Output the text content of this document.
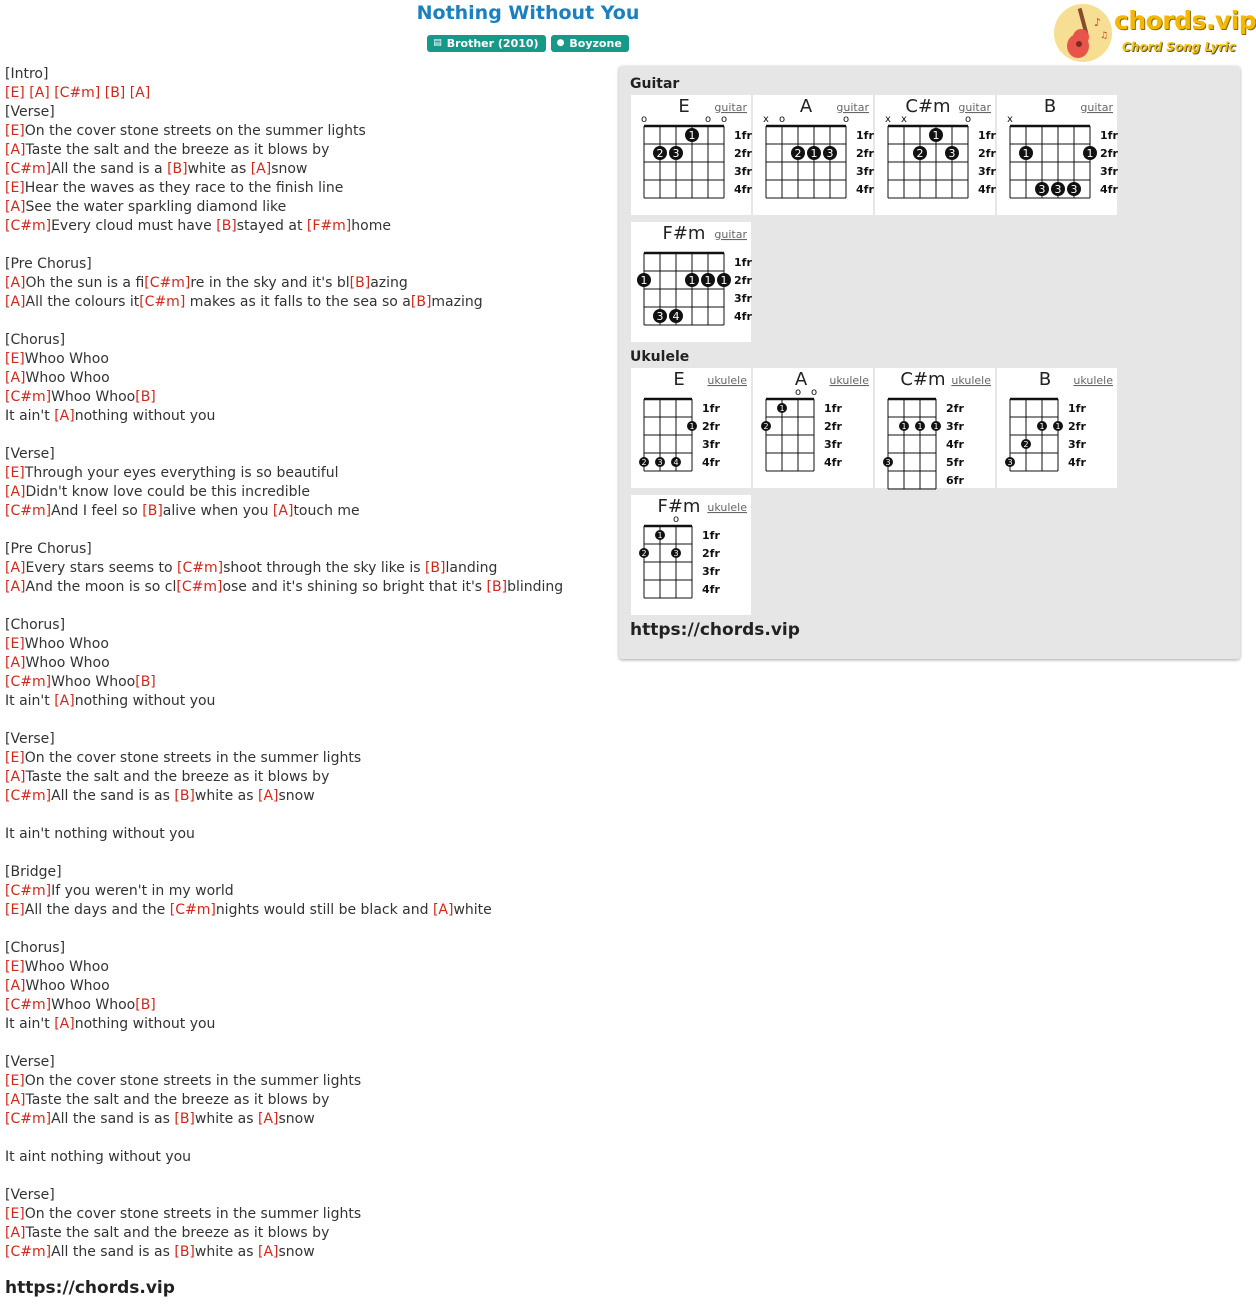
Nothing Without You
▤ Brother (2010) ● Boyzone
♪
♫
chords.vip
Chord Song Lyric
[Intro]
[E] [A] [C#m] [B] [A]
[Verse]
[E]On the cover stone streets on the summer lights
[A]Taste the salt and the breeze as it blows by
[C#m]All the sand is a [B]white as [A]snow
[E]Hear the waves as they race to the finish line
[A]See the water sparkling diamond like
[C#m]Every cloud must have [B]stayed at [F#m]home
[Pre Chorus]
[A]Oh the sun is a fi[C#m]re in the sky and it's bl[B]azing
[A]All the colours it[C#m] makes as it falls to the sea so a[B]mazing
[Chorus]
[E]Whoo Whoo
[A]Whoo Whoo
[C#m]Whoo Whoo[B]
It ain't [A]nothing without you
[Verse]
[E]Through your eyes everything is so beautiful
[A]Didn't know love could be this incredible
[C#m]And I feel so [B]alive when you [A]touch me
[Pre Chorus]
[A]Every stars seems to [C#m]shoot through the sky like is [B]landing
[A]And the moon is so cl[C#m]ose and it's shining so bright that it's [B]blinding
[Chorus]
[E]Whoo Whoo
[A]Whoo Whoo
[C#m]Whoo Whoo[B]
It ain't [A]nothing without you
[Verse]
[E]On the cover stone streets in the summer lights
[A]Taste the salt and the breeze as it blows by
[C#m]All the sand is as [B]white as [A]snow
It ain't nothing without you
[Bridge]
[C#m]If you weren't in my world
[E]All the days and the [C#m]nights would still be black and [A]white
[Chorus]
[E]Whoo Whoo
[A]Whoo Whoo
[C#m]Whoo Whoo[B]
It ain't [A]nothing without you
[Verse]
[E]On the cover stone streets in the summer lights
[A]Taste the salt and the breeze as it blows by
[C#m]All the sand is as [B]white as [A]snow
It aint nothing without you
[Verse]
[E]On the cover stone streets in the summer lights
[A]Taste the salt and the breeze as it blows by
[C#m]All the sand is as [B]white as [A]snow
https://chords.vip
Guitar
Ukulele
https://chords.vip
E guitar
1fr
2fr
3fr
4fr
o	o o
1
2 3
A guitar
1fr
2fr
3fr
4fr
x o	o
2 1 3
C#m guitar
1fr
2fr
3fr
4fr
x x	o
1
2 3
B guitar
1fr
2fr
3fr
4fr
x
1	1
3 3 3
F#m guitar
1fr
2fr
3fr
4fr
1	1 1 1
3 4
E ukulele
1fr
2fr
3fr
4fr
1
2 3 4
A ukulele
1fr
2fr
3fr
4fr
o o
1
2
C#m ukulele
2fr
3fr
4fr
5fr
6fr
1 1 1
3
B ukulele
1fr
2fr
3fr
4fr
1 1
2
3
F#m ukulele
1fr
2fr
3fr
4fr
o
1
2	3
